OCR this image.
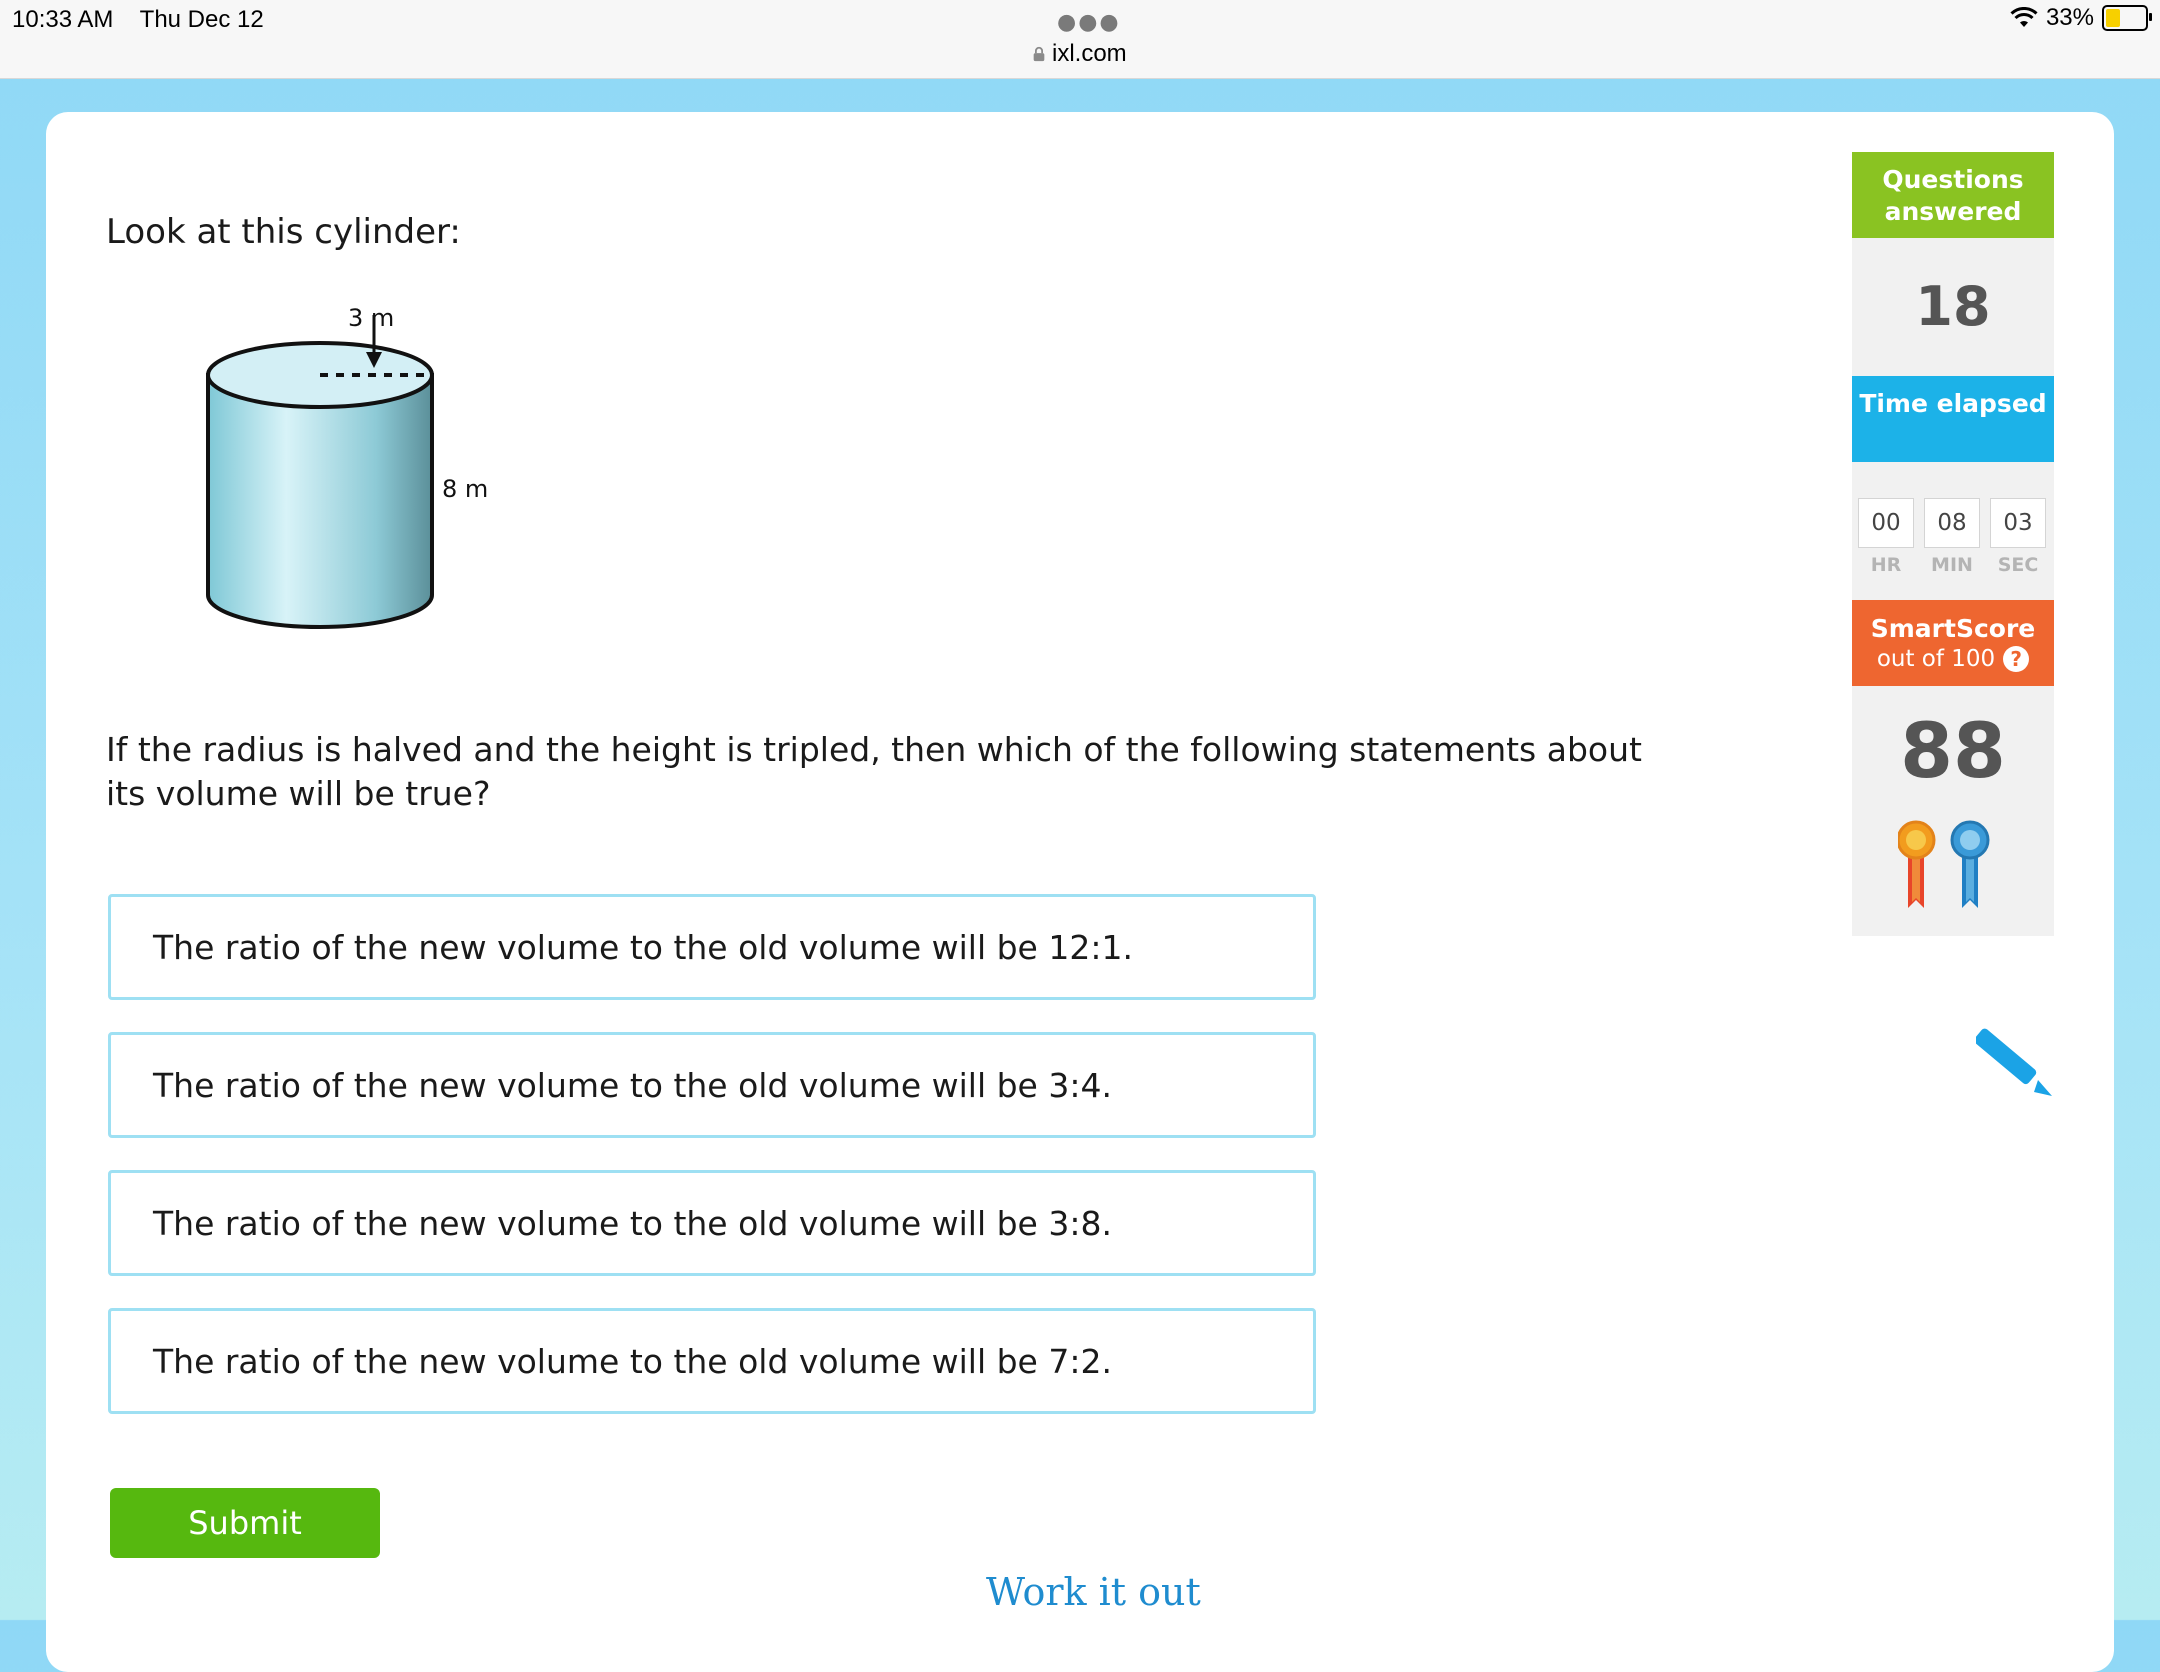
10:33 AM Thu Dec 12	●●●
ixl.com
33%
Look at this cylinder:
3 m
8 m
If the radius is halved and the height is tripled, then which of the following statements about its volume will be true?
The ratio of the new volume to the old volume will be 12:1.
The ratio of the new volume to the old volume will be 3:4.
The ratio of the new volume to the old volume will be 3:8.
The ratio of the new volume to the old volume will be 7:2.
Submit
Work it out
Questions answered
18
Time elapsed
00	08	03
HR	MIN	SEC
SmartScore
out of 100 ?
88
